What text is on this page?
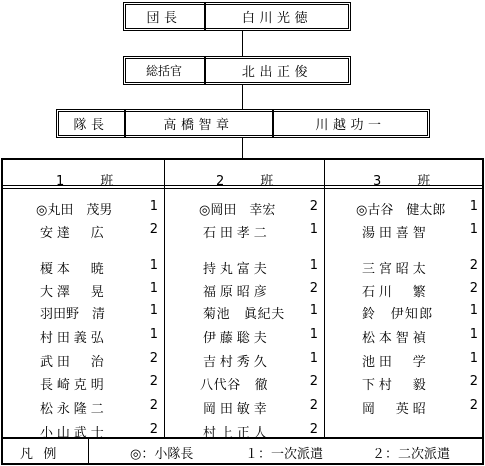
団長	白川光徳
総括官	北出正俊
隊長	高橋智章	川越功一
1	班	2	班	3	班
◎丸田　茂男	1
安達　広	2
榎本　暁	1
大澤　晃	1
羽田野　清	1
村田義弘	1
武田　治	2
長崎克明	2
松永隆二	2
小山武士	2
◎岡田　幸宏	2
石田孝二	1
持丸富夫	1
福原昭彦	2
菊池　眞紀夫 1
伊藤聡夫	1
吉村秀久	1
八代谷　徹	2
岡田敏幸	2
村上正人	2
◎古谷　健太郎 1
湯田喜智	1
三宮昭太	2
石川　繁	2
鈴　伊知郎	1
松本智禎	1
池田　学	1
下村　毅	2
岡　英昭	2
凡例	◎：小隊長	１：一次派遣	２：二次派遣
